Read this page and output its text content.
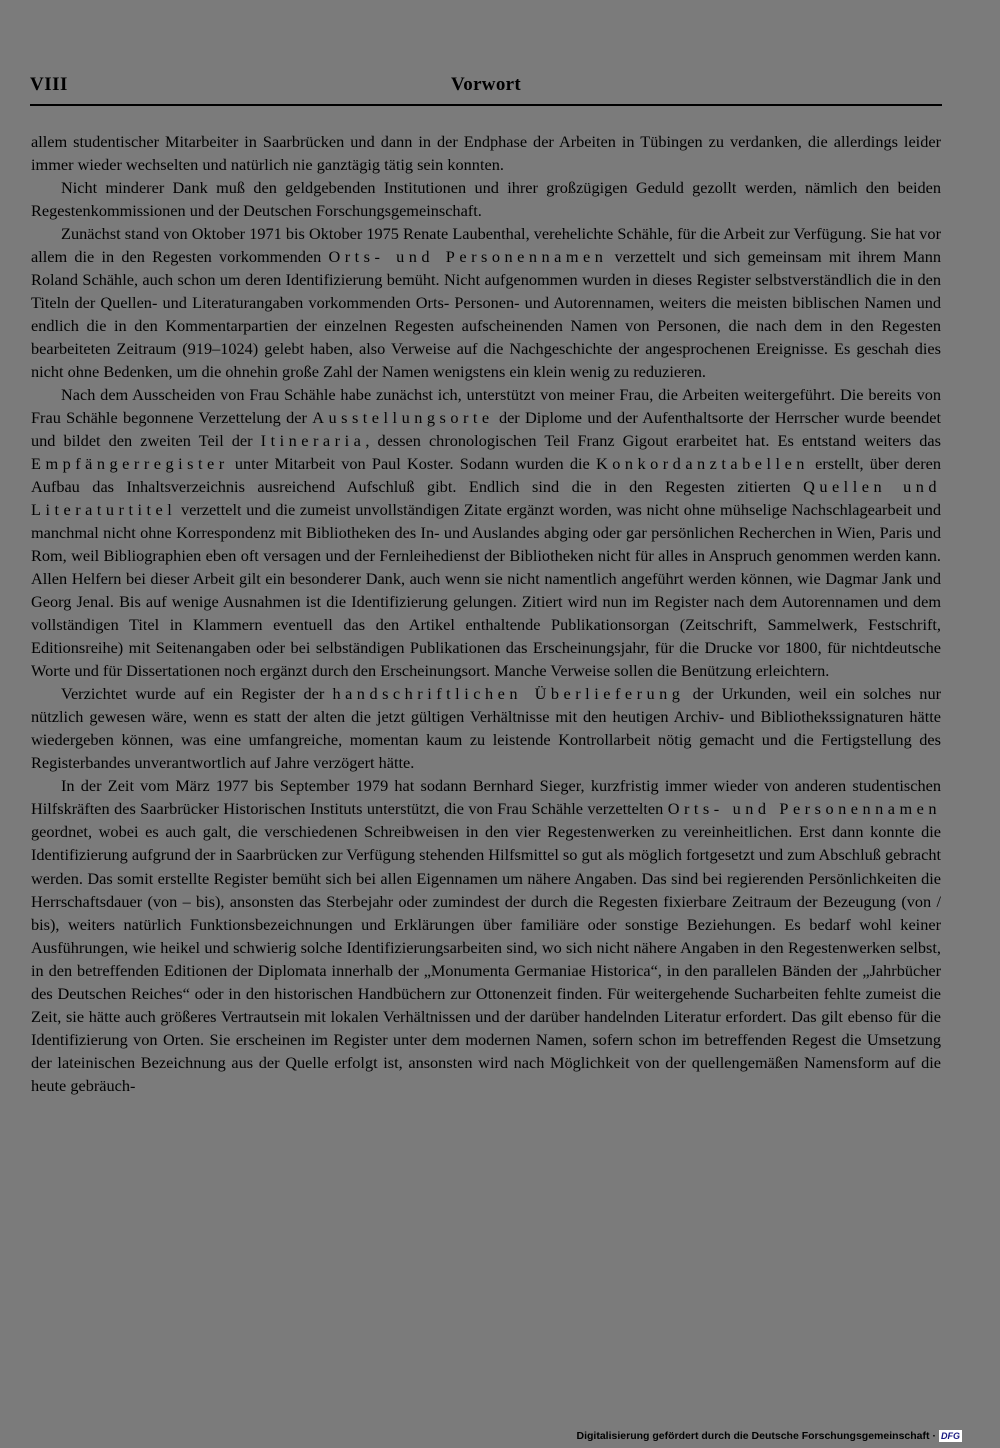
VIII	Vorwort

allem studentischer Mitarbeiter in Saarbrücken und dann in der Endphase der Arbeiten in Tübingen zu verdanken, die allerdings leider immer wieder wechselten und natürlich nie ganztägig tätig sein konnten.

Nicht minderer Dank muß den geldgebenden Institutionen und ihrer großzügigen Geduld gezollt werden, nämlich den beiden Regestenkommissionen und der Deutschen Forschungsgemeinschaft.

Zunächst stand von Oktober 1971 bis Oktober 1975 Renate Laubenthal, verehelichte Schähle, für die Arbeit zur Verfügung. Sie hat vor allem die in den Regesten vorkommenden Orts- und Personennamen verzettelt und sich gemeinsam mit ihrem Mann Roland Schähle, auch schon um deren Identifizierung bemüht. Nicht aufgenommen wurden in dieses Register selbstverständlich die in den Titeln der Quellen- und Literaturangaben vorkommenden Orts- Personen- und Autorennamen, weiters die meisten biblischen Namen und endlich die in den Kommentarpartien der einzelnen Regesten aufscheinenden Namen von Personen, die nach dem in den Regesten bearbeiteten Zeitraum (919–1024) gelebt haben, also Verweise auf die Nachgeschichte der angesprochenen Ereignisse. Es geschah dies nicht ohne Bedenken, um die ohnehin große Zahl der Namen wenigstens ein klein wenig zu reduzieren.

Nach dem Ausscheiden von Frau Schähle habe zunächst ich, unterstützt von meiner Frau, die Arbeiten weitergeführt. Die bereits von Frau Schähle begonnene Verzettelung der Ausstellungsorte der Diplome und der Aufenthaltsorte der Herrscher wurde beendet und bildet den zweiten Teil der Itineraria, dessen chronologischen Teil Franz Gigout erarbeitet hat. Es entstand weiters das Empfängerregister unter Mitarbeit von Paul Koster. Sodann wurden die Konkordanztabellen erstellt, über deren Aufbau das Inhaltsverzeichnis ausreichend Aufschluß gibt. Endlich sind die in den Regesten zitierten Quellen und Literaturtitel verzettelt und die zumeist unvollständigen Zitate ergänzt worden, was nicht ohne mühselige Nachschlagearbeit und manchmal nicht ohne Korrespondenz mit Bibliotheken des In- und Auslandes abging oder gar persönlichen Recherchen in Wien, Paris und Rom, weil Bibliographien eben oft versagen und der Fernleihedienst der Bibliotheken nicht für alles in Anspruch genommen werden kann. Allen Helfern bei dieser Arbeit gilt ein besonderer Dank, auch wenn sie nicht namentlich angeführt werden können, wie Dagmar Jank und Georg Jenal. Bis auf wenige Ausnahmen ist die Identifizierung gelungen. Zitiert wird nun im Register nach dem Autorennamen und dem vollständigen Titel in Klammern eventuell das den Artikel enthaltende Publikationsorgan (Zeitschrift, Sammelwerk, Festschrift, Editionsreihe) mit Seitenangaben oder bei selbständigen Publikationen das Erscheinungsjahr, für die Drucke vor 1800, für nichtdeutsche Worte und für Dissertationen noch ergänzt durch den Erscheinungsort. Manche Verweise sollen die Benützung erleichtern.

Verzichtet wurde auf ein Register der handschriftlichen Überlieferung der Urkunden, weil ein solches nur nützlich gewesen wäre, wenn es statt der alten die jetzt gültigen Verhältnisse mit den heutigen Archiv- und Bibliothekssignaturen hätte wiedergeben können, was eine umfangreiche, momentan kaum zu leistende Kontrollarbeit nötig gemacht und die Fertigstellung des Registerbandes unverantwortlich auf Jahre verzögert hätte.

In der Zeit vom März 1977 bis September 1979 hat sodann Bernhard Sieger, kurzfristig immer wieder von anderen studentischen Hilfskräften des Saarbrücker Historischen Instituts unterstützt, die von Frau Schähle verzettelten Orts- und Personennamen geordnet, wobei es auch galt, die verschiedenen Schreibweisen in den vier Regestenwerken zu vereinheitlichen. Erst dann konnte die Identifizierung aufgrund der in Saarbrücken zur Verfügung stehenden Hilfsmittel so gut als möglich fortgesetzt und zum Abschluß gebracht werden. Das somit erstellte Register bemüht sich bei allen Eigennamen um nähere Angaben. Das sind bei regierenden Persönlichkeiten die Herrschaftsdauer (von – bis), ansonsten das Sterbejahr oder zumindest der durch die Regesten fixierbare Zeitraum der Bezeugung (von / bis), weiters natürlich Funktionsbezeichnungen und Erklärungen über familiäre oder sonstige Beziehungen. Es bedarf wohl keiner Ausführungen, wie heikel und schwierig solche Identifizierungsarbeiten sind, wo sich nicht nähere Angaben in den Regestenwerken selbst, in den betreffenden Editionen der Diplomata innerhalb der „Monumenta Germaniae Historica“, in den parallelen Bänden der „Jahrbücher des Deutschen Reiches“ oder in den historischen Handbüchern zur Ottonenzeit finden. Für weitergehende Sucharbeiten fehlte zumeist die Zeit, sie hätte auch größeres Vertrautsein mit lokalen Verhältnissen und der darüber handelnden Literatur erfordert. Das gilt ebenso für die Identifizierung von Orten. Sie erscheinen im Register unter dem modernen Namen, sofern schon im betreffenden Regest die Umsetzung der lateinischen Bezeichnung aus der Quelle erfolgt ist, ansonsten wird nach Möglichkeit von der quellengemäßen Namensform auf die heute gebräuch-

Digitalisierung gefördert durch die Deutsche Forschungsgemeinschaft · DFG
